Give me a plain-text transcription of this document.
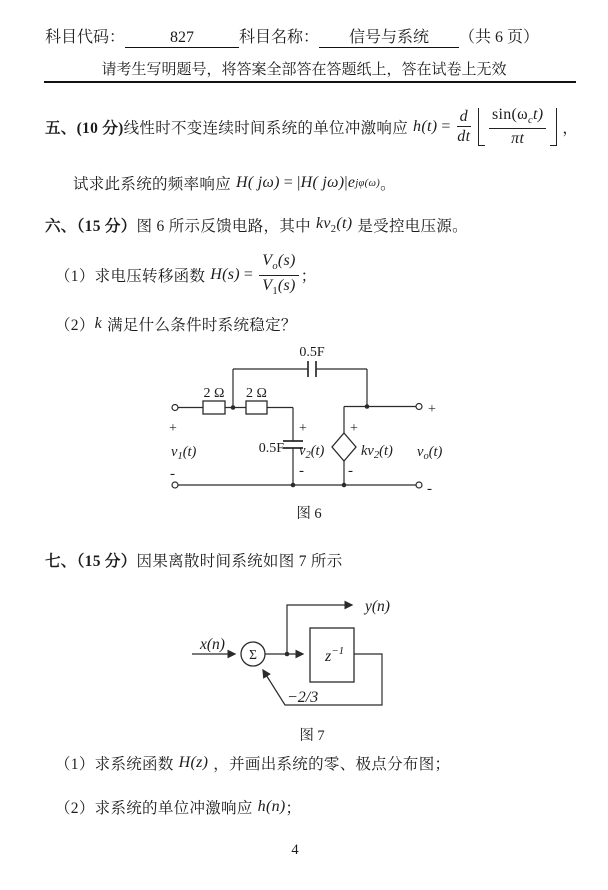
科目代码：	827	科目名称：	信号与系统	（共 6 页）
请考生写明题号，将答案全部答在答题纸上，答在试卷上无效
五、(10 分) 线性时不变连续时间系统的单位冲激响应 $h(t) = \frac{d}{dt} \sin(\omega_ct)$
πt
，
试求此系统的频率响应 H( jω) = | H( jω) | e jφ(ω) 。
六、（15 分） 图 6 所示反馈电路，其中 $kv_2(t)$ 是受控电压源。
（1）求电压转移函数 $H(s) = \frac{V_o(s)}{V_1(s)}$ ；
（2） k 满足什么条件时系统稳定？
2 Ω 2 Ω
0.5F
0.5F
$v_1(t)$
+
-
$v_2(t)$
+
-
$kv_2(t)$
+
-
$v_o(t)$
+
-
图 6
七、（15 分） 因果离散时间系统如图 7 所示
x(n)
Σ
y(n)
$z^{-1}$
−2/3
图 7
（1）求系统函数 H(z) ，并画出系统的零、极点分布图；
（2）求系统的单位冲激响应 h(n) ；
4
